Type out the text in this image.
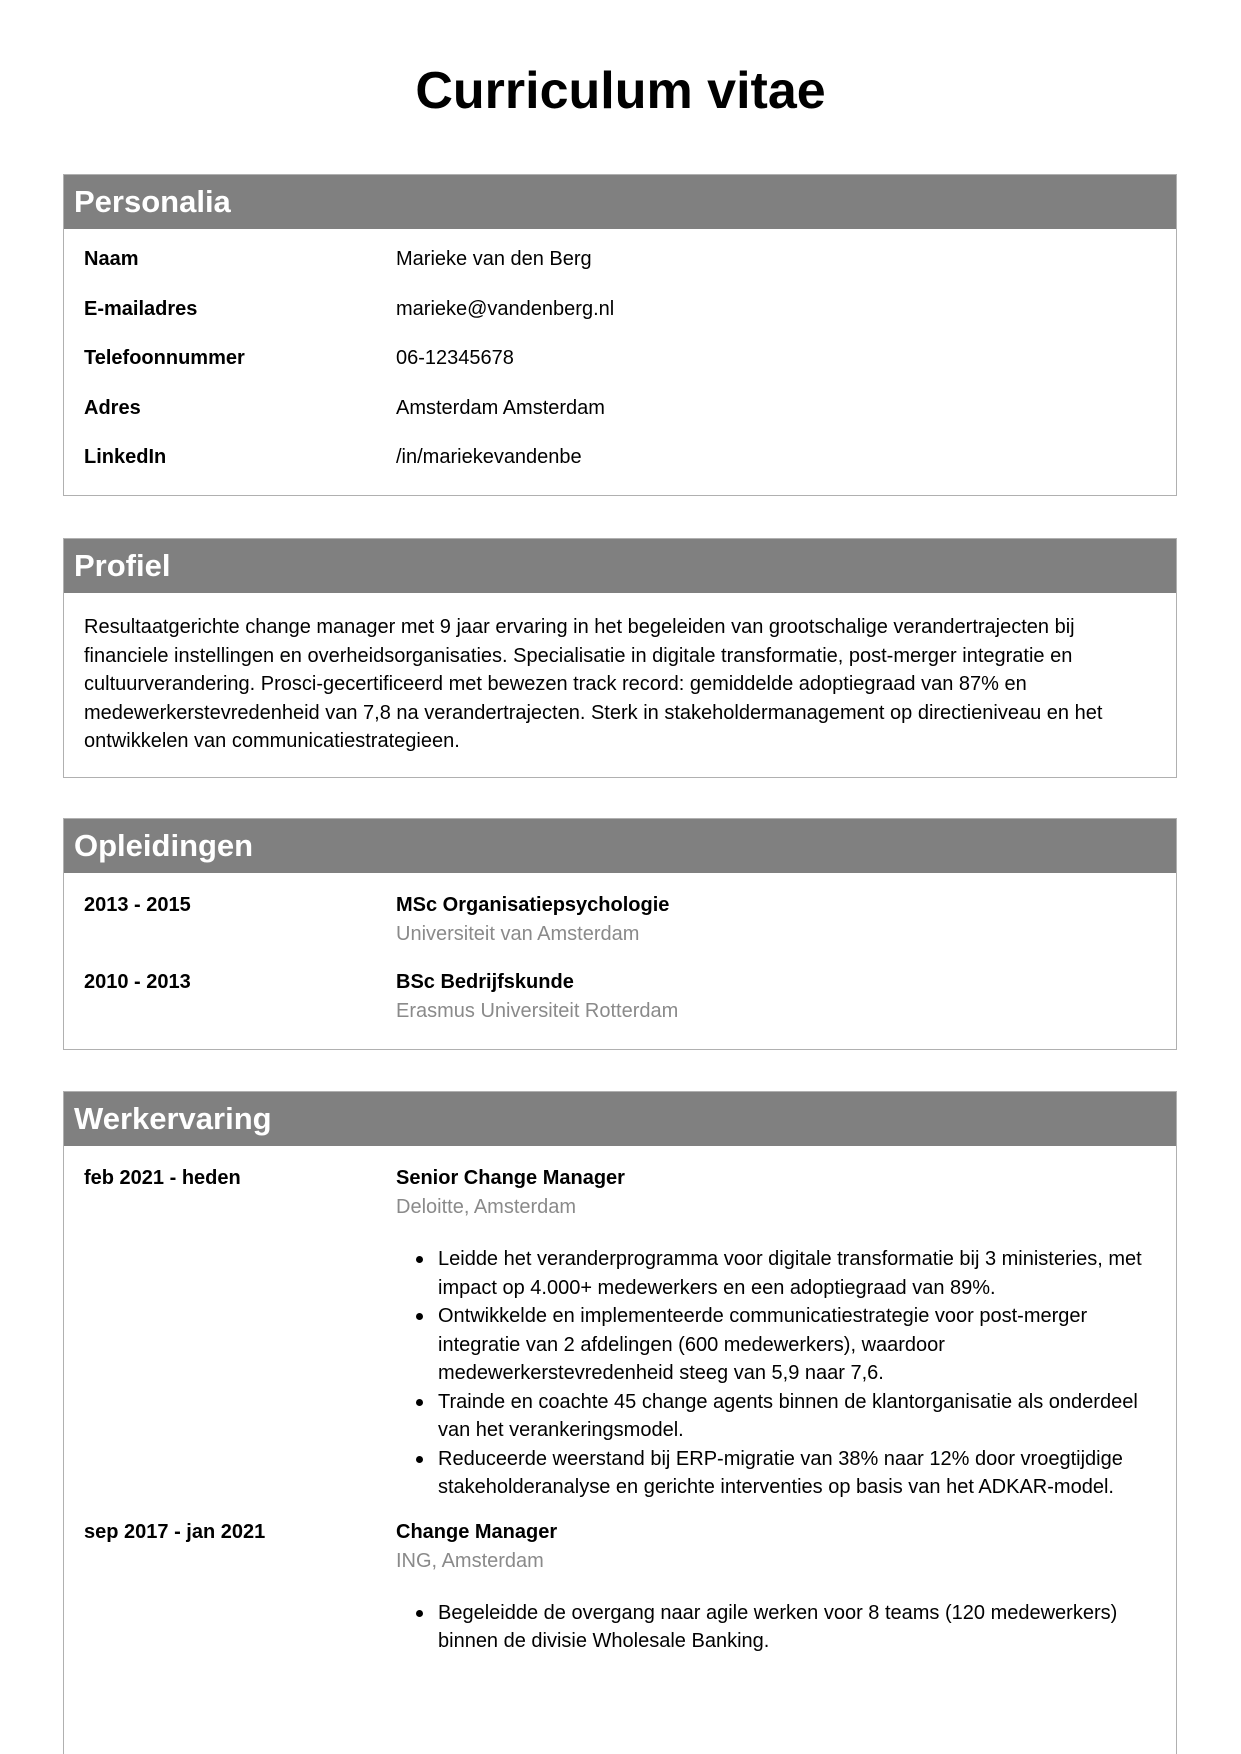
Curriculum vitae
Personalia
Naam	Marieke van den Berg
E-mailadres	marieke@vandenberg.nl
Telefoonnummer	06-12345678
Adres	Amsterdam Amsterdam
LinkedIn	/in/mariekevandenbe
Profiel

Resultaatgerichte change manager met 9 jaar ervaring in het begeleiden van grootschalige verandertrajecten bij financiele instellingen en overheidsorganisaties. Specialisatie in digitale transformatie, post-merger integratie en cultuurverandering. Prosci-gecertificeerd met bewezen track record: gemiddelde adoptiegraad van 87% en medewerkerstevredenheid van 7,8 na verandertrajecten. Sterk in stakeholdermanagement op directieniveau en het ontwikkelen van communicatiestrategieen.

Opleidingen
2013 - 2015	MSc Organisatiepsychologie
Universiteit van Amsterdam
2010 - 2013	BSc Bedrijfskunde
Erasmus Universiteit Rotterdam
Werkervaring
feb 2021 - heden	Senior Change Manager
Deloitte, Amsterdam
Leidde het veranderprogramma voor digitale transformatie bij 3 ministeries, met impact op 4.000+ medewerkers en een adoptiegraad van 89%.
Ontwikkelde en implementeerde communicatiestrategie voor post-merger integratie van 2 afdelingen (600 medewerkers), waardoor medewerkerstevredenheid steeg van 5,9 naar 7,6.
Trainde en coachte 45 change agents binnen de klantorganisatie als onderdeel van het verankeringsmodel.
Reduceerde weerstand bij ERP-migratie van 38% naar 12% door vroegtijdige stakeholderanalyse en gerichte interventies op basis van het ADKAR-model.
sep 2017 - jan 2021	Change Manager
ING, Amsterdam
Begeleidde de overgang naar agile werken voor 8 teams (120 medewerkers) binnen de divisie Wholesale Banking.
